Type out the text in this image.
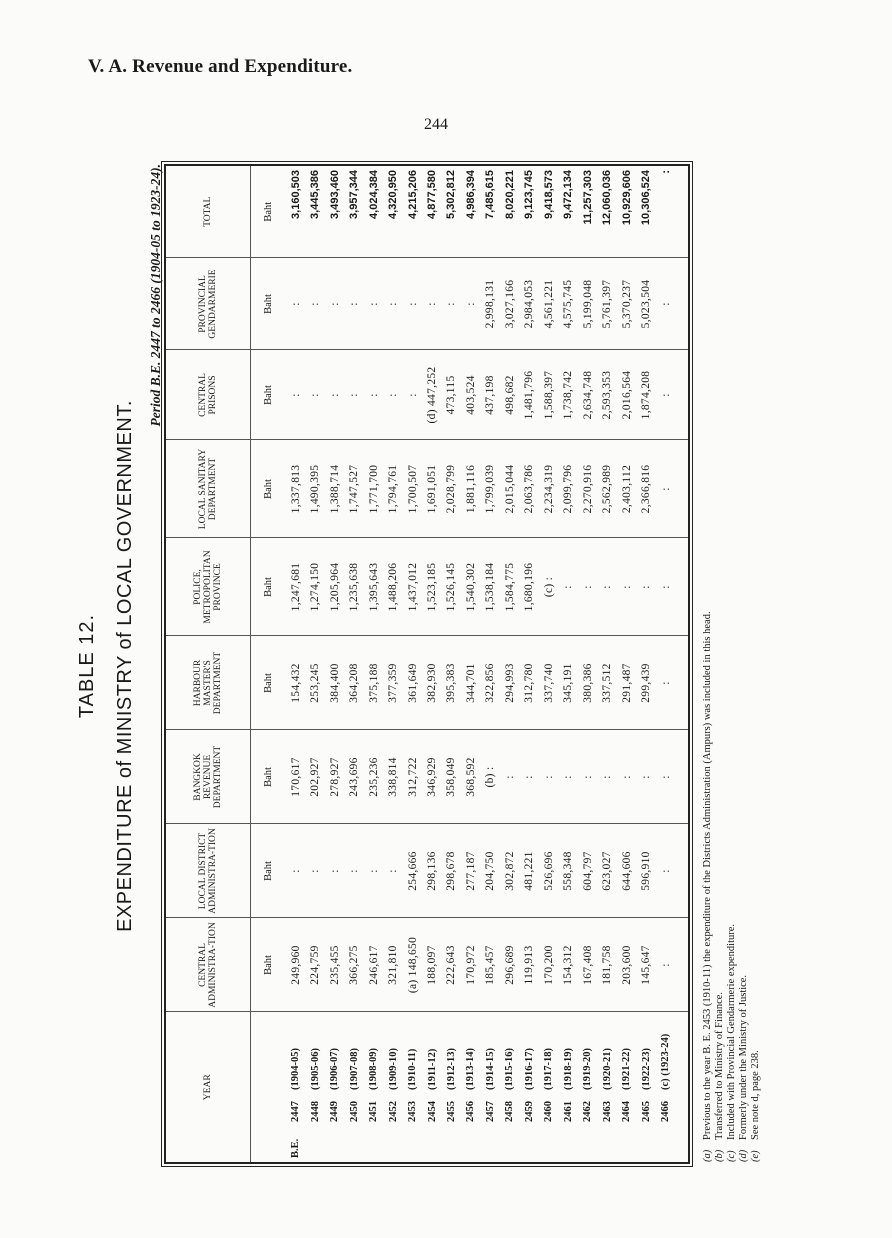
V. A. Revenue and Expenditure.
244
TABLE 12. EXPENDITURE of MINISTRY of LOCAL GOVERNMENT.
Period B.E. 2447 to 2466 (1904-05 to 1923-24).
YEAR	CENTRAL ADMINISTRA-TION	LOCAL DISTRICT ADMINISTRA-TION	BANGKOK REVENUE DEPARTMENT	HARBOUR MASTER'S DEPARTMENT	POLICE, METROPOLITAN PROVINCE	LOCAL SANITARY DEPARTMENT	CENTRAL PRISONS	PROVINCIAL GENDARMERIE	TOTAL
	Baht	Baht	Baht	Baht	Baht	Baht	Baht	Baht	Baht
B.E.2447(1904-05)	249,960	:	170,617	154,432	1,247,681	1,337,813	:	:	3,160,503
2448(1905-06)	224,759	:	202,927	253,245	1,274,150	1,490,395	:	:	3,445,386
2449(1906-07)	235,455	:	278,927	384,400	1,205,964	1,388,714	:	:	3,493,460
2450(1907-08)	366,275	:	243,696	364,208	1,235,638	1,747,527	:	:	3,957,344
2451(1908-09)	246,617	:	235,236	375,188	1,395,643	1,771,700	:	:	4,024,384
2452(1909-10)	321,810	:	338,814	377,359	1,488,206	1,794,761	:	:	4,320,950
2453(1910-11)	(a) 148,650	254,666	312,722	361,649	1,437,012	1,700,507	:	:	4,215,206
2454(1911-12)	188,097	298,136	346,929	382,930	1,523,185	1,691,051	(d) 447,252	:	4,877,580
2455(1912-13)	222,643	298,678	358,049	395,383	1,526,145	2,028,799	473,115	:	5,302,812
2456(1913-14)	170,972	277,187	368,592	344,701	1,540,302	1,881,116	403,524	:	4,986,394
2457(1914-15)	185,457	204,750	(b) :	322,856	1,538,184	1,799,039	437,198	2,998,131	7,485,615
2458(1915-16)	296,689	302,872	:	294,993	1,584,775	2,015,044	498,682	3,027,166	8,020,221
2459(1916-17)	119,913	481,221	:	312,780	1,680,196	2,063,786	1,481,796	2,984,053	9,123,745
2460(1917-18)	170,200	526,696	:	337,740	(c) :	2,234,319	1,588,397	4,561,221	9,418,573
2461(1918-19)	154,312	558,348	:	345,191	:	2,099,796	1,738,742	4,575,745	9,472,134
2462(1919-20)	167,408	604,797	:	380,386	:	2,270,916	2,634,748	5,199,048	11,257,303
2463(1920-21)	181,758	623,027	:	337,512	:	2,562,989	2,593,353	5,761,397	12,060,036
2464(1921-22)	203,600	644,606	:	291,487	:	2,403,112	2,016,564	5,370,237	10,929,606
2465(1922-23)	145,647	596,910	:	299,439	:	2,366,816	1,874,208	5,023,504	10,306,524
2466(c) (1923-24)	:	:	:	:	:	:	:	:	:

(a)Previous to the year B. E. 2453 (1910-11) the expenditure of the Districts Administration (Ampurs) was included in this head.
(b)Transferred to Ministry of Finance.
(c)Included with Provincial Gendarmerie expenditure.
(d)Formerly under the Ministry of Justice.
(e)See note d, page 238.
